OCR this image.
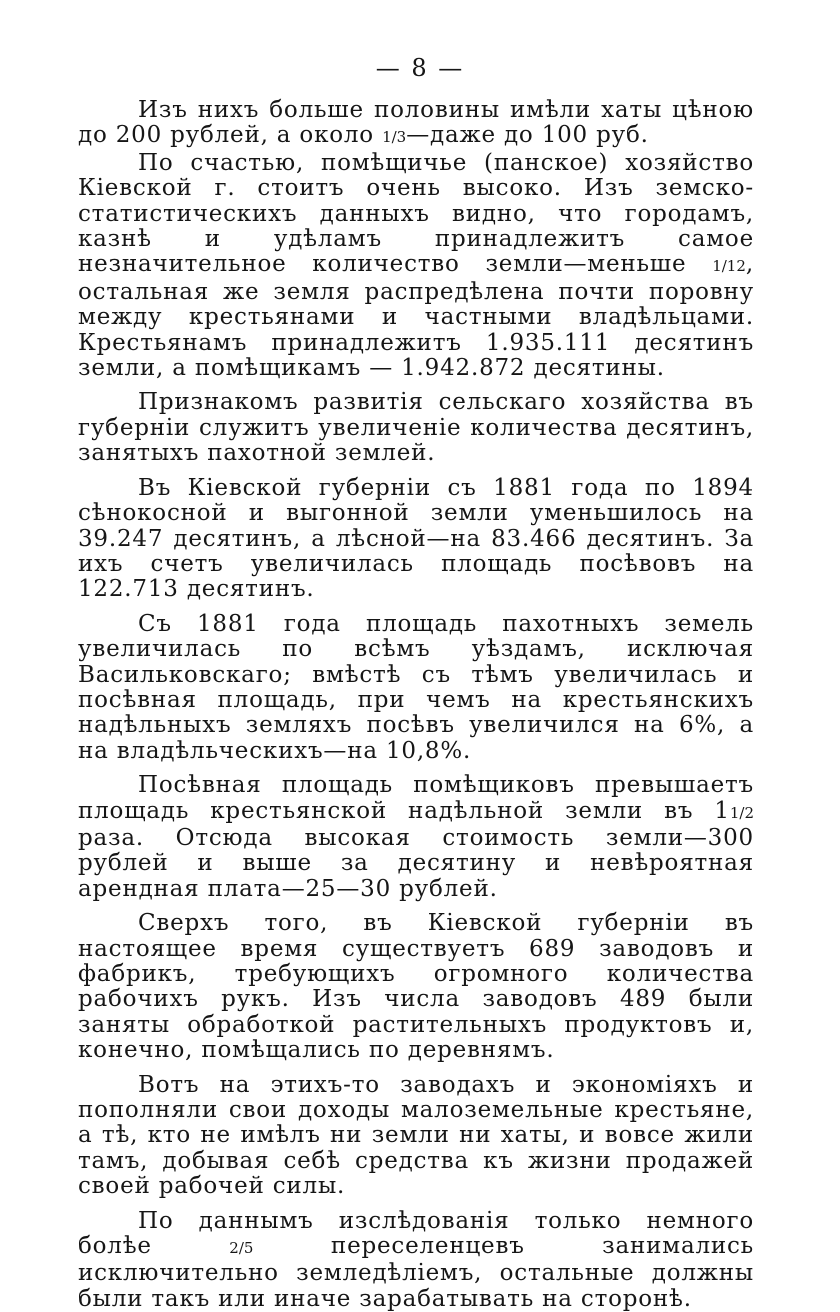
— 8 —

Изъ нихъ больше половины имѣли хаты цѣною до 200 рублей, а около 1/3—даже до 100 руб.

По счастью, помѣщичье (панское) хозяйство Кіевской г. стоитъ очень высоко. Изъ земско-статистическихъ данныхъ видно, что городамъ, казнѣ и удѣламъ принадлежитъ самое незначительное количество земли—меньше 1/12, остальная же земля распредѣлена почти поровну между крестьянами и частными владѣльцами. Крестьянамъ принадлежитъ 1.935.111 десятинъ земли, а помѣщикамъ — 1.942.872 десятины.

Признакомъ развитія сельскаго хозяйства въ губерніи служитъ увеличеніе количества десятинъ, занятыхъ пахотной землей.

Въ Кіевской губерніи съ 1881 года по 1894 сѣнокосной и выгонной земли уменьшилось на 39.247 десятинъ, а лѣсной—на 83.466 десятинъ. За ихъ счетъ увеличилась площадь посѣвовъ на 122.713 десятинъ.

Съ 1881 года площадь пахотныхъ земель увеличилась по всѣмъ уѣздамъ, исключая Васильковскаго; вмѣстѣ съ тѣмъ увеличилась и посѣвная площадь, при чемъ на крестьянскихъ надѣльныхъ земляхъ посѣвъ увеличился на 6%, а на владѣльческихъ—на 10,8%.

Посѣвная площадь помѣщиковъ превышаетъ площадь крестьянской надѣльной земли въ 11/2 раза. Отсюда высокая стоимость земли—300 рублей и выше за десятину и невѣроятная арендная плата—25—30 рублей.

Сверхъ того, въ Кіевской губерніи въ настоящее время существуетъ 689 заводовъ и фабрикъ, требующихъ огромного количества рабочихъ рукъ. Изъ числа заводовъ 489 были заняты обработкой растительныхъ продуктовъ и, конечно, помѣщались по деревнямъ.

Вотъ на этихъ-то заводахъ и экономіяхъ и пополняли свои доходы малоземельные крестьяне, а тѣ, кто не имѣлъ ни земли ни хаты, и вовсе жили тамъ, добывая себѣ средства къ жизни продажей своей рабочей силы.

По даннымъ изслѣдованія только немного болѣе 2/5 переселенцевъ занимались исключительно земледѣліемъ, остальные должны были такъ или иначе зарабатывать на сторонѣ.
